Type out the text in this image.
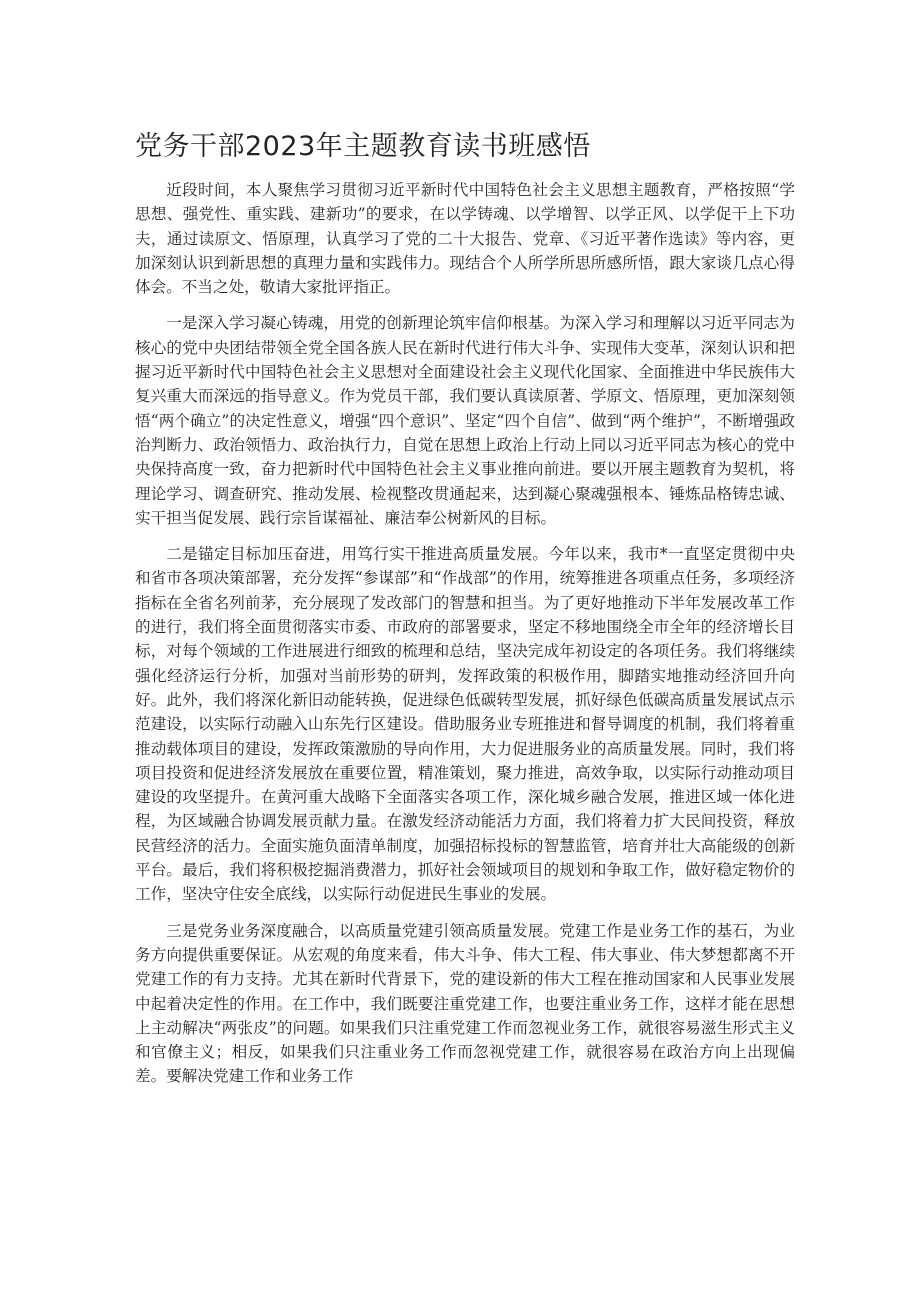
党务干部2023年主题教育读书班感悟

近段时间，本人聚焦学习贯彻习近平新时代中国特色社会主义思想主题教育，严格按照“学思想、强党性、重实践、建新功”的要求，在以学铸魂、以学增智、以学正风、以学促干上下功夫，通过读原文、悟原理，认真学习了党的二十大报告、党章、《习近平著作选读》等内容，更加深刻认识到新思想的真理力量和实践伟力。现结合个人所学所思所感所悟，跟大家谈几点心得体会。不当之处，敬请大家批评指正。

一是深入学习凝心铸魂，用党的创新理论筑牢信仰根基。为深入学习和理解以习近平同志为核心的党中央团结带领全党全国各族人民在新时代进行伟大斗争、实现伟大变革，深刻认识和把握习近平新时代中国特色社会主义思想对全面建设社会主义现代化国家、全面推进中华民族伟大复兴重大而深远的指导意义。作为党员干部，我们要认真读原著、学原文、悟原理，更加深刻领悟“两个确立”的决定性意义，增强“四个意识”、坚定“四个自信”、做到“两个维护”，不断增强政治判断力、政治领悟力、政治执行力，自觉在思想上政治上行动上同以习近平同志为核心的党中央保持高度一致，奋力把新时代中国特色社会主义事业推向前进。要以开展主题教育为契机，将理论学习、调查研究、推动发展、检视整改贯通起来，达到凝心聚魂强根本、锤炼品格铸忠诚、实干担当促发展、践行宗旨谋福祉、廉洁奉公树新风的目标。

二是锚定目标加压奋进，用笃行实干推进高质量发展。今年以来，我市*一直坚定贯彻中央和省市各项决策部署，充分发挥“参谋部”和“作战部”的作用，统筹推进各项重点任务，多项经济指标在全省名列前茅，充分展现了发改部门的智慧和担当。为了更好地推动下半年发展改革工作的进行，我们将全面贯彻落实市委、市政府的部署要求，坚定不移地围绕全市全年的经济增长目标，对每个领域的工作进展进行细致的梳理和总结，坚决完成年初设定的各项任务。我们将继续强化经济运行分析，加强对当前形势的研判，发挥政策的积极作用，脚踏实地推动经济回升向好。此外，我们将深化新旧动能转换，促进绿色低碳转型发展，抓好绿色低碳高质量发展试点示范建设，以实际行动融入山东先行区建设。借助服务业专班推进和督导调度的机制，我们将着重推动载体项目的建设，发挥政策激励的导向作用，大力促进服务业的高质量发展。同时，我们将项目投资和促进经济发展放在重要位置，精准策划，聚力推进，高效争取，以实际行动推动项目建设的攻坚提升。在黄河重大战略下全面落实各项工作，深化城乡融合发展，推进区域一体化进程，为区域融合协调发展贡献力量。在激发经济动能活力方面，我们将着力扩大民间投资，释放民营经济的活力。全面实施负面清单制度，加强招标投标的智慧监管，培育并壮大高能级的创新平台。最后，我们将积极挖掘消费潜力，抓好社会领域项目的规划和争取工作，做好稳定物价的工作，坚决守住安全底线，以实际行动促进民生事业的发展。

三是党务业务深度融合，以高质量党建引领高质量发展。党建工作是业务工作的基石，为业务方向提供重要保证。从宏观的角度来看，伟大斗争、伟大工程、伟大事业、伟大梦想都离不开党建工作的有力支持。尤其在新时代背景下，党的建设新的伟大工程在推动国家和人民事业发展中起着决定性的作用。在工作中，我们既要注重党建工作，也要注重业务工作，这样才能在思想上主动解决“两张皮”的问题。如果我们只注重党建工作而忽视业务工作，就很容易滋生形式主义和官僚主义；相反，如果我们只注重业务工作而忽视党建工作，就很容易在政治方向上出现偏差。要解决党建工作和业务工作
